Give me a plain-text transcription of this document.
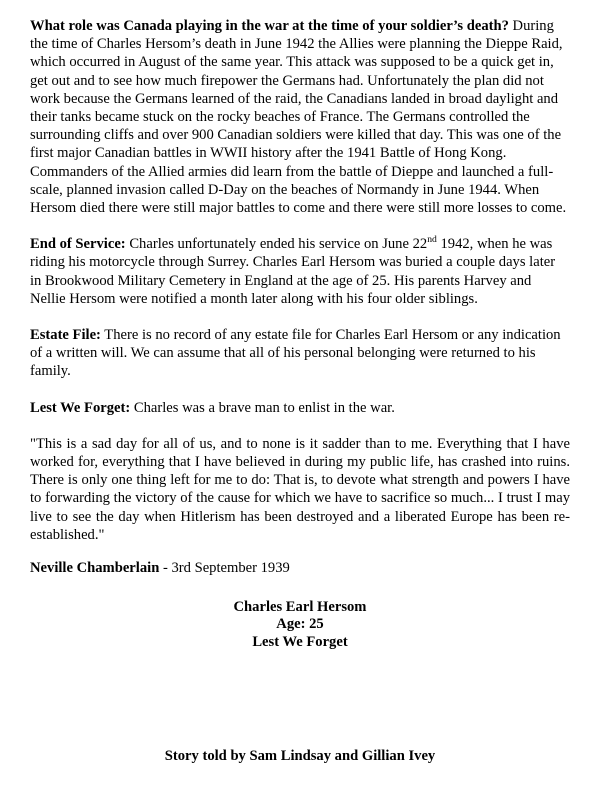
What role was Canada playing in the war at the time of your soldier’s death? During the time of Charles Hersom’s death in June 1942 the Allies were planning the Dieppe Raid, which occurred in August of the same year. This attack was supposed to be a quick get in, get out and to see how much firepower the Germans had. Unfortunately the plan did not work because the Germans learned of the raid, the Canadians landed in broad daylight and their tanks became stuck on the rocky beaches of France. The Germans controlled the surrounding cliffs and over 900 Canadian soldiers were killed that day. This was one of the first major Canadian battles in WWII history after the 1941 Battle of Hong Kong. Commanders of the Allied armies did learn from the battle of Dieppe and launched a full-scale, planned invasion called D-Day on the beaches of Normandy in June 1944. When Hersom died there were still major battles to come and there were still more losses to come.

End of Service: Charles unfortunately ended his service on June 22nd 1942, when he was riding his motorcycle through Surrey. Charles Earl Hersom was buried a couple days later in Brookwood Military Cemetery in England at the age of 25. His parents Harvey and Nellie Hersom were notified a month later along with his four older siblings.

Estate File: There is no record of any estate file for Charles Earl Hersom or any indication of a written will. We can assume that all of his personal belonging were returned to his family.

Lest We Forget: Charles was a brave man to enlist in the war.

"This is a sad day for all of us, and to none is it sadder than to me. Everything that I have worked for, everything that I have believed in during my public life, has crashed into ruins. There is only one thing left for me to do: That is, to devote what strength and powers I have to forwarding the victory of the cause for which we have to sacrifice so much... I trust I may live to see the day when Hitlerism has been destroyed and a liberated Europe has been re-established."

Neville Chamberlain - 3rd September 1939

Charles Earl Hersom
Age: 25
Lest We Forget
Story told by Sam Lindsay and Gillian Ivey
